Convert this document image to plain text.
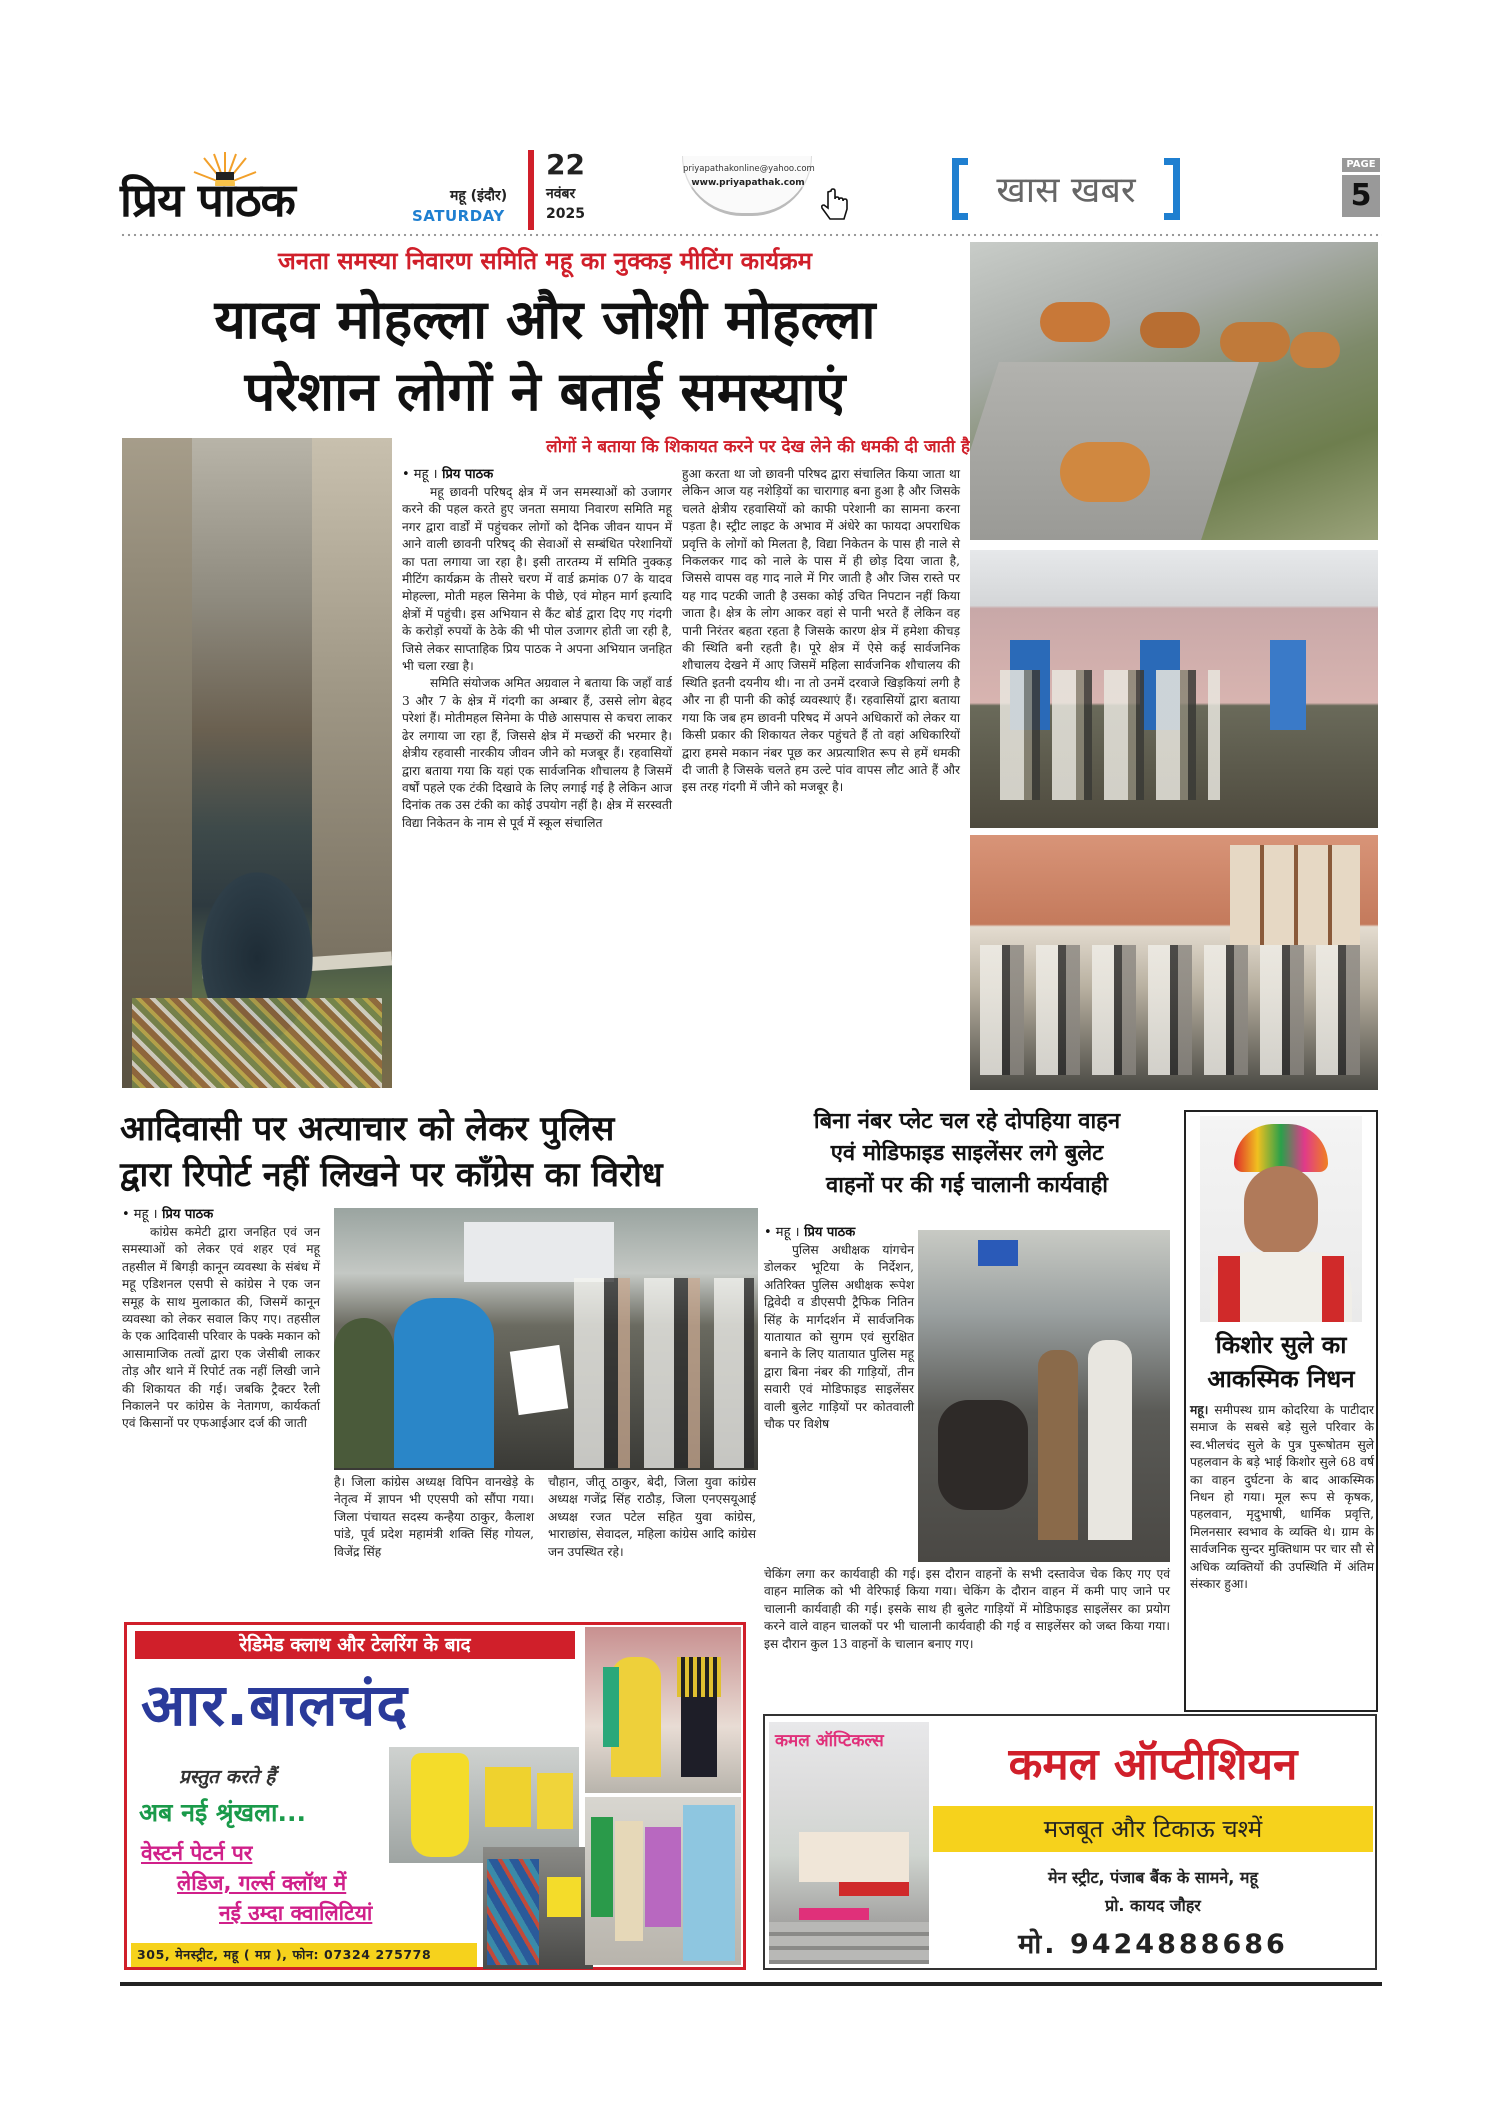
प्रिय पाठक	महू (इंदौर)
SATURDAY
22
नवंबर
2025
priyapathakonline@yahoo.com
www.priyapathak.com	खास खबर
PAGE
5
जनता समस्या निवारण समिति महू का नुक्कड़ मीटिंग कार्यक्रम
यादव मोहल्ला और जोशी मोहल्ला
परेशान लोगों ने बताई समस्याएं
लोगों ने बताया कि शिकायत करने पर देख लेने की धमकी दी जाती है
• महू । प्रिय पाठक
महू छावनी परिषद् क्षेत्र में जन समस्याओं को उजागर करने की पहल करते हुए जनता समाया निवारण समिति महू नगर द्वारा वार्डों में पहुंचकर लोगों को दैनिक जीवन यापन में आने वाली छावनी परिषद् की सेवाओं से सम्बंधित परेशानियों का पता लगाया जा रहा है। इसी तारतम्य में समिति नुक्कड़ मीटिंग कार्यक्रम के तीसरे चरण में वार्ड क्रमांक 07 के यादव मोहल्ला, मोती महल सिनेमा के पीछे, एवं मोहन मार्ग इत्यादि क्षेत्रों में पहुंची। इस अभियान से कैंट बोर्ड द्वारा दिए गए गंदगी के करोड़ों रुपयों के ठेके की भी पोल उजागर होती जा रही है, जिसे लेकर साप्ताहिक प्रिय पाठक ने अपना अभियान जनहित भी चला रखा है।
समिति संयोजक अमित अग्रवाल ने बताया कि जहाँ वार्ड 3 और 7 के क्षेत्र में गंदगी का अम्बार हैं, उससे लोग बेहद परेशां हैं। मोतीमहल सिनेमा के पीछे आसपास से कचरा लाकर ढेर लगाया जा रहा हैं, जिससे क्षेत्र में मच्छरों की भरमार है। क्षेत्रीय रहवासी नारकीय जीवन जीने को मजबूर हैं। रहवासियों द्वारा बताया गया कि यहां एक सार्वजनिक शौचालय है जिसमें वर्षों पहले एक टंकी दिखावे के लिए लगाई गई है लेकिन आज दिनांक तक उस टंकी का कोई उपयोग नहीं है। क्षेत्र में सरस्वती विद्या निकेतन के नाम से पूर्व में स्कूल संचालित
हुआ करता था जो छावनी परिषद द्वारा संचालित किया जाता था लेकिन आज यह नशेड़ियों का चारागाह बना हुआ है और जिसके चलते क्षेत्रीय रहवासियों को काफी परेशानी का सामना करना पड़ता है। स्ट्रीट लाइट के अभाव में अंधेरे का फायदा अपराधिक प्रवृत्ति के लोगों को मिलता है, विद्या निकेतन के पास ही नाले से निकलकर गाद को नाले के पास में ही छोड़ दिया जाता है, जिससे वापस वह गाद नाले में गिर जाती है और जिस रास्ते पर यह गाद पटकी जाती है उसका कोई उचित निपटान नहीं किया जाता है। क्षेत्र के लोग आकर वहां से पानी भरते हैं लेकिन वह पानी निरंतर बहता रहता है जिसके कारण क्षेत्र में हमेशा कीचड़ की स्थिति बनी रहती है। पूरे क्षेत्र में ऐसे कई सार्वजनिक शौचालय देखने में आए जिसमें महिला सार्वजनिक शौचालय की स्थिति इतनी दयनीय थी। ना तो उनमें दरवाजे खिड़कियां लगी है और ना ही पानी की कोई व्यवस्थाएं हैं। रहवासियों द्वारा बताया गया कि जब हम छावनी परिषद में अपने अधिकारों को लेकर या किसी प्रकार की शिकायत लेकर पहुंचते हैं तो वहां अधिकारियों द्वारा हमसे मकान नंबर पूछ कर अप्रत्याशित रूप से हमें धमकी दी जाती है जिसके चलते हम उल्टे पांव वापस लौट आते हैं और इस तरह गंदगी में जीने को मजबूर है।
आदिवासी पर अत्याचार को लेकर पुलिस
द्वारा रिपोर्ट नहीं लिखने पर कॉंग्रेस का विरोध
• महू । प्रिय पाठक
कांग्रेस कमेटी द्वारा जनहित एवं जन समस्याओं को लेकर एवं शहर एवं महू तहसील में बिगड़ी कानून व्यवस्था के संबंध में महू एडिशनल एसपी से कांग्रेस ने एक जन समूह के साथ मुलाकात की, जिसमें कानून व्यवस्था को लेकर सवाल किए गए। तहसील के एक आदिवासी परिवार के पक्के मकान को आसामाजिक तत्वों द्वारा एक जेसीबी लाकर तोड़ और थाने में रिपोर्ट तक नहीं लिखी जाने की शिकायत की गई। जबकि ट्रैक्टर रैली निकालने पर कांग्रेस के नेतागण, कार्यकर्ता एवं किसानों पर एफआईआर दर्ज की जाती
है। जिला कांग्रेस अध्यक्ष विपिन वानखेड़े के नेतृत्व में ज्ञापन भी एएसपी को सौंपा गया। जिला पंचायत सदस्य कन्हैया ठाकुर, कैलाश पांडे, पूर्व प्रदेश महामंत्री शक्ति सिंह गोयल, विजेंद्र सिंह
चौहान, जीतू ठाकुर, बेदी, जिला युवा कांग्रेस अध्यक्ष गजेंद्र सिंह राठौड़, जिला एनएसयूआई अध्यक्ष रजत पटेल सहित युवा कांग्रेस, भाराछांस, सेवादल, महिला कांग्रेस आदि कांग्रेस जन उपस्थित रहे।
बिना नंबर प्लेट चल रहे दोपहिया वाहन
एवं मोडिफाइड साइलेंसर लगे बुलेट
वाहनों पर की गई चालानी कार्यवाही
• महू । प्रिय पाठक
पुलिस अधीक्षक यांगचेन डोलकर भूटिया के निर्देशन, अतिरिक्त पुलिस अधीक्षक रूपेश द्विवेदी व डीएसपी ट्रैफिक नितिन सिंह के मार्गदर्शन में सार्वजनिक यातायात को सुगम एवं सुरक्षित बनाने के लिए यातायात पुलिस महू द्वारा बिना नंबर की गाड़ियों, तीन सवारी एवं मोडिफाइड साइलेंसर वाली बुलेट गाड़ियों पर कोतवाली चौक पर विशेष
चेकिंग लगा कर कार्यवाही की गई। इस दौरान वाहनों के सभी दस्तावेज चेक किए गए एवं वाहन मालिक को भी वेरिफाई किया गया। चेकिंग के दौरान वाहन में कमी पाए जाने पर चालानी कार्यवाही की गई। इसके साथ ही बुलेट गाड़ियों में मोडिफाइड साइलेंसर का प्रयोग करने वाले वाहन चालकों पर भी चालानी कार्यवाही की गई व साइलेंसर को जब्त किया गया। इस दौरान कुल 13 वाहनों के चालान बनाए गए।
किशोर सुले का
आकस्मिक निधन
महू। समीपस्थ ग्राम कोदरिया के पाटीदार समाज के सबसे बड़े सुले परिवार के स्व.भीलचंद सुले के पुत्र पुरूषोतम सुले पहलवान के बड़े भाई किशोर सुले 68 वर्ष का वाहन दुर्घटना के बाद आकस्मिक निधन हो गया। मूल रूप से कृषक, पहलवान, मृदुभाषी, धार्मिक प्रवृत्ति, मिलनसार स्वभाव के व्यक्ति थे। ग्राम के सार्वजनिक सुन्दर मुक्तिधाम पर चार सौ से अधिक व्यक्तियों की उपस्थिति में अंतिम संस्कार हुआ।
रेडिमेड क्लाथ और टेलरिंग के बाद
आर.बालचंद
प्रस्तुत करते हैं
अब नई श्रृंखला...
वेस्टर्न पेटर्न पर
लेडिज, गर्ल्स क्लॉथ में
नई उम्दा क्वालिटियां
305, मेनस्ट्रीट, महू ( मप्र ), फोन: 07324 275778
कमल ऑप्टिकल्स	कमल ऑप्टीशियन
मजबूत और टिकाऊ चश्में
मेन स्ट्रीट, पंजाब बैंक के सामने, महू
प्रो. कायद जौहर
मो. 9424888686
